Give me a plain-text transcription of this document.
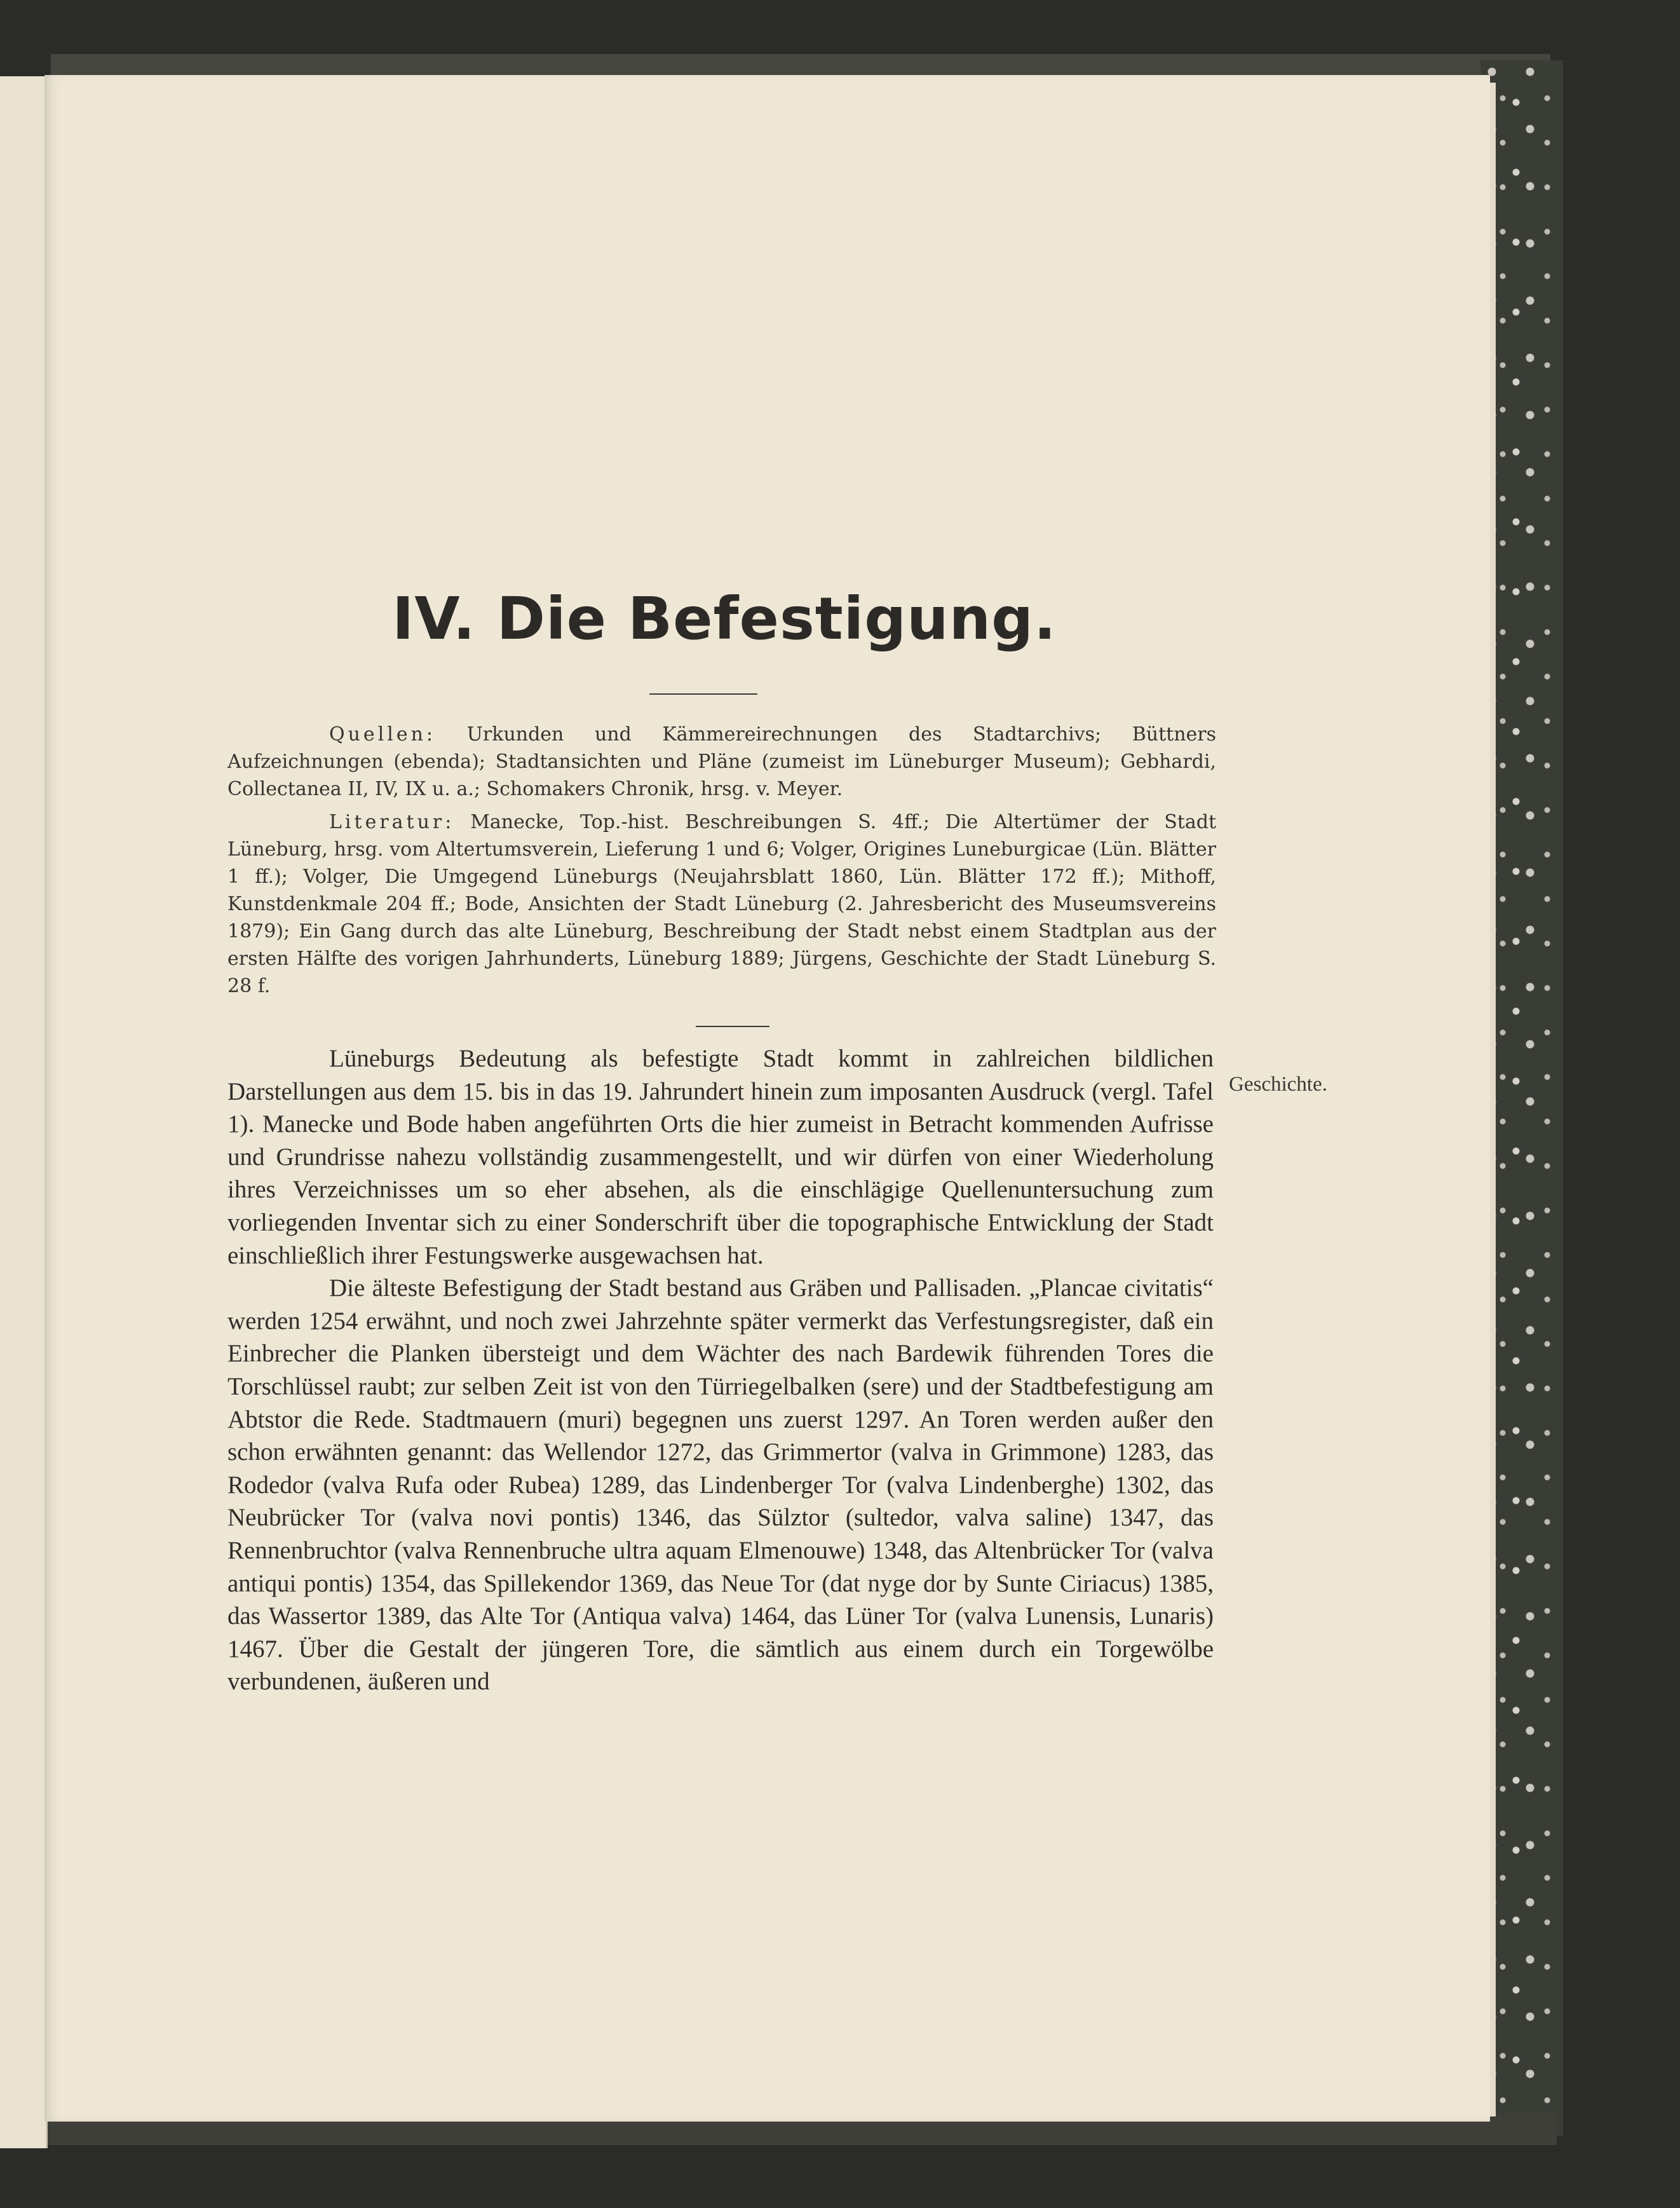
IV. Die Befestigung.

Quellen: Urkunden und Kämmereirechnungen des Stadtarchivs; Büttners Aufzeichnungen (ebenda); Stadtansichten und Pläne (zumeist im Lüneburger Museum); Gebhardi, Collectanea II, IV, IX u. a.; Schomakers Chronik, hrsg. v. Meyer.

Literatur: Manecke, Top.-hist. Beschreibungen S. 4ff.; Die Altertümer der Stadt Lüneburg, hrsg. vom Altertumsverein, Lieferung 1 und 6; Volger, Origines Luneburgicae (Lün. Blätter 1 ff.); Volger, Die Umgegend Lüneburgs (Neujahrsblatt 1860, Lün. Blätter 172 ff.); Mithoff, Kunstdenkmale 204 ff.; Bode, Ansichten der Stadt Lüneburg (2. Jahresbericht des Museumsvereins 1879); Ein Gang durch das alte Lüneburg, Beschreibung der Stadt nebst einem Stadtplan aus der ersten Hälfte des vorigen Jahrhunderts, Lüneburg 1889; Jürgens, Geschichte der Stadt Lüneburg S. 28 f.

Lüneburgs Bedeutung als befestigte Stadt kommt in zahlreichen bildlichen Darstellungen aus dem 15. bis in das 19. Jahrundert hinein zum imposanten Ausdruck (vergl. Tafel 1). Manecke und Bode haben angeführten Orts die hier zumeist in Betracht kommenden Aufrisse und Grundrisse nahezu vollständig zusammengestellt, und wir dürfen von einer Wiederholung ihres Verzeichnisses um so eher absehen, als die einschlägige Quellenuntersuchung zum vorliegenden Inventar sich zu einer Sonderschrift über die topographische Entwicklung der Stadt einschließlich ihrer Festungswerke ausgewachsen hat.

Die älteste Befestigung der Stadt bestand aus Gräben und Pallisaden. „Plancae civitatis“ werden 1254 erwähnt, und noch zwei Jahrzehnte später vermerkt das Verfestungsregister, daß ein Einbrecher die Planken übersteigt und dem Wächter des nach Bardewik führenden Tores die Torschlüssel raubt; zur selben Zeit ist von den Türriegelbalken (sere) und der Stadtbefestigung am Abtstor die Rede. Stadtmauern (muri) begegnen uns zuerst 1297. An Toren werden außer den schon erwähnten genannt: das Wellendor 1272, das Grimmertor (valva in Grimmone) 1283, das Rodedor (valva Rufa oder Rubea) 1289, das Lindenberger Tor (valva Lindenberghe) 1302, das Neubrücker Tor (valva novi pontis) 1346, das Sülztor (sultedor, valva saline) 1347, das Rennenbruchtor (valva Rennenbruche ultra aquam Elmenouwe) 1348, das Altenbrücker Tor (valva antiqui pontis) 1354, das Spillekendor 1369, das Neue Tor (dat nyge dor by Sunte Ciriacus) 1385, das Wassertor 1389, das Alte Tor (Antiqua valva) 1464, das Lüner Tor (valva Lunensis, Lunaris) 1467. Über die Gestalt der jüngeren Tore, die sämtlich aus einem durch ein Torgewölbe verbundenen, äußeren und

Geschichte.
